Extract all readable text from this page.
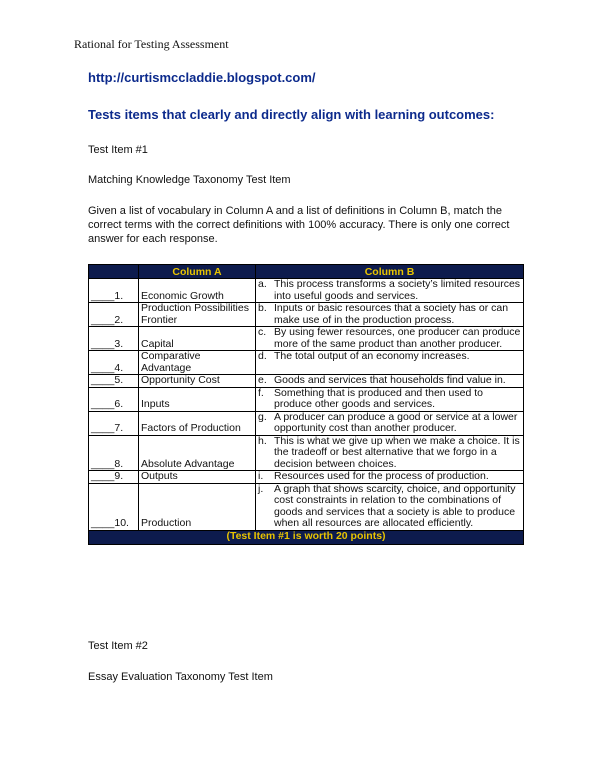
Rational for Testing Assessment
http://curtismccladdie.blogspot.com/
Tests items that clearly and directly align with learning outcomes:
Test Item #1
Matching Knowledge Taxonomy Test Item
Given a list of vocabulary in Column A and a list of definitions in Column B, match the correct terms with the correct definitions with 100% accuracy. There is only one correct answer for each response.
	Column A	Column B
____1.	Economic Growth	a. This process transforms a society’s limited resources into useful goods and services.

____2.	Production Possibilities Frontier	b. Inputs or basic resources that a society has or can make use of in the production process.

____3.	Capital	c. By using fewer resources, one producer can produce more of the same product than another producer.

____4.	Comparative Advantage	d. The total output of an economy increases.

____5.	Opportunity Cost	e. Goods and services that households find value in.

____6.	Inputs	f. Something that is produced and then used to produce other goods and services.

____7.	Factors of Production	g. A producer can produce a good or service at a lower opportunity cost than another producer.

____8.	Absolute Advantage	h. This is what we give up when we make a choice. It is the tradeoff or best alternative that we forgo in a decision between choices.

____9.	Outputs	i. Resources used for the process of production.

____10.	Production	j. A graph that shows scarcity, choice, and opportunity cost constraints in relation to the combinations of goods and services that a society is able to produce when all resources are allocated efficiently.

(Test Item #1 is worth 20 points)		
Test Item #2
Essay Evaluation Taxonomy Test Item
